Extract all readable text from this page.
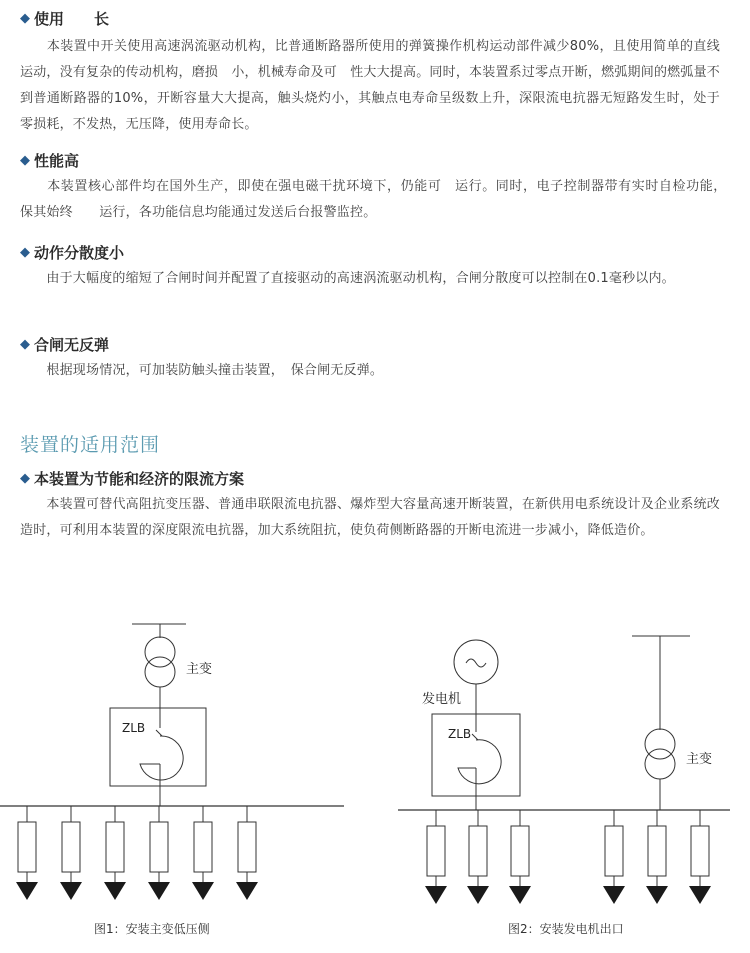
◆ 使用　　长
　　本装置中开关使用高速涡流驱动机构，比普通断路器所使用的弹簧操作机构运动部件减少80%，且使用简单的直线运动，没有复杂的传动机构，磨损　小，机械寿命及可　性大大提高。同时，本装置系过零点开断，燃弧期间的燃弧量不到普通断路器的10%，开断容量大大提高，触头烧灼小，其触点电寿命呈级数上升，深限流电抗器无短路发生时，处于零损耗，不发热，无压降，使用寿命长。
◆ 性能高
　　本装置核心部件均在国外生产，即使在强电磁干扰环境下，仍能可　运行。同时，电子控制器带有实时自检功能，　保其始终　　运行，各功能信息均能通过发送后台报警监控。
◆ 动作分散度小
　　由于大幅度的缩短了合闸时间并配置了直接驱动的高速涡流驱动机构，合闸分散度可以控制在0.1毫秒以内。
◆ 合闸无反弹
　　根据现场情况，可加装防触头撞击装置，　保合闸无反弹。
装置的适用范围
◆ 本装置为节能和经济的限流方案
　　本装置可替代高阻抗变压器、普通串联限流电抗器、爆炸型大容量高速开断装置，在新供用电系统设计及企业系统改造时，可利用本装置的深度限流电抗器，加大系统阻抗，使负荷侧断路器的开断电流进一步减小，降低造价。
主变
ZLB
发电机
ZLB
主变
图1：安装主变低压侧	图2：安装发电机出口
